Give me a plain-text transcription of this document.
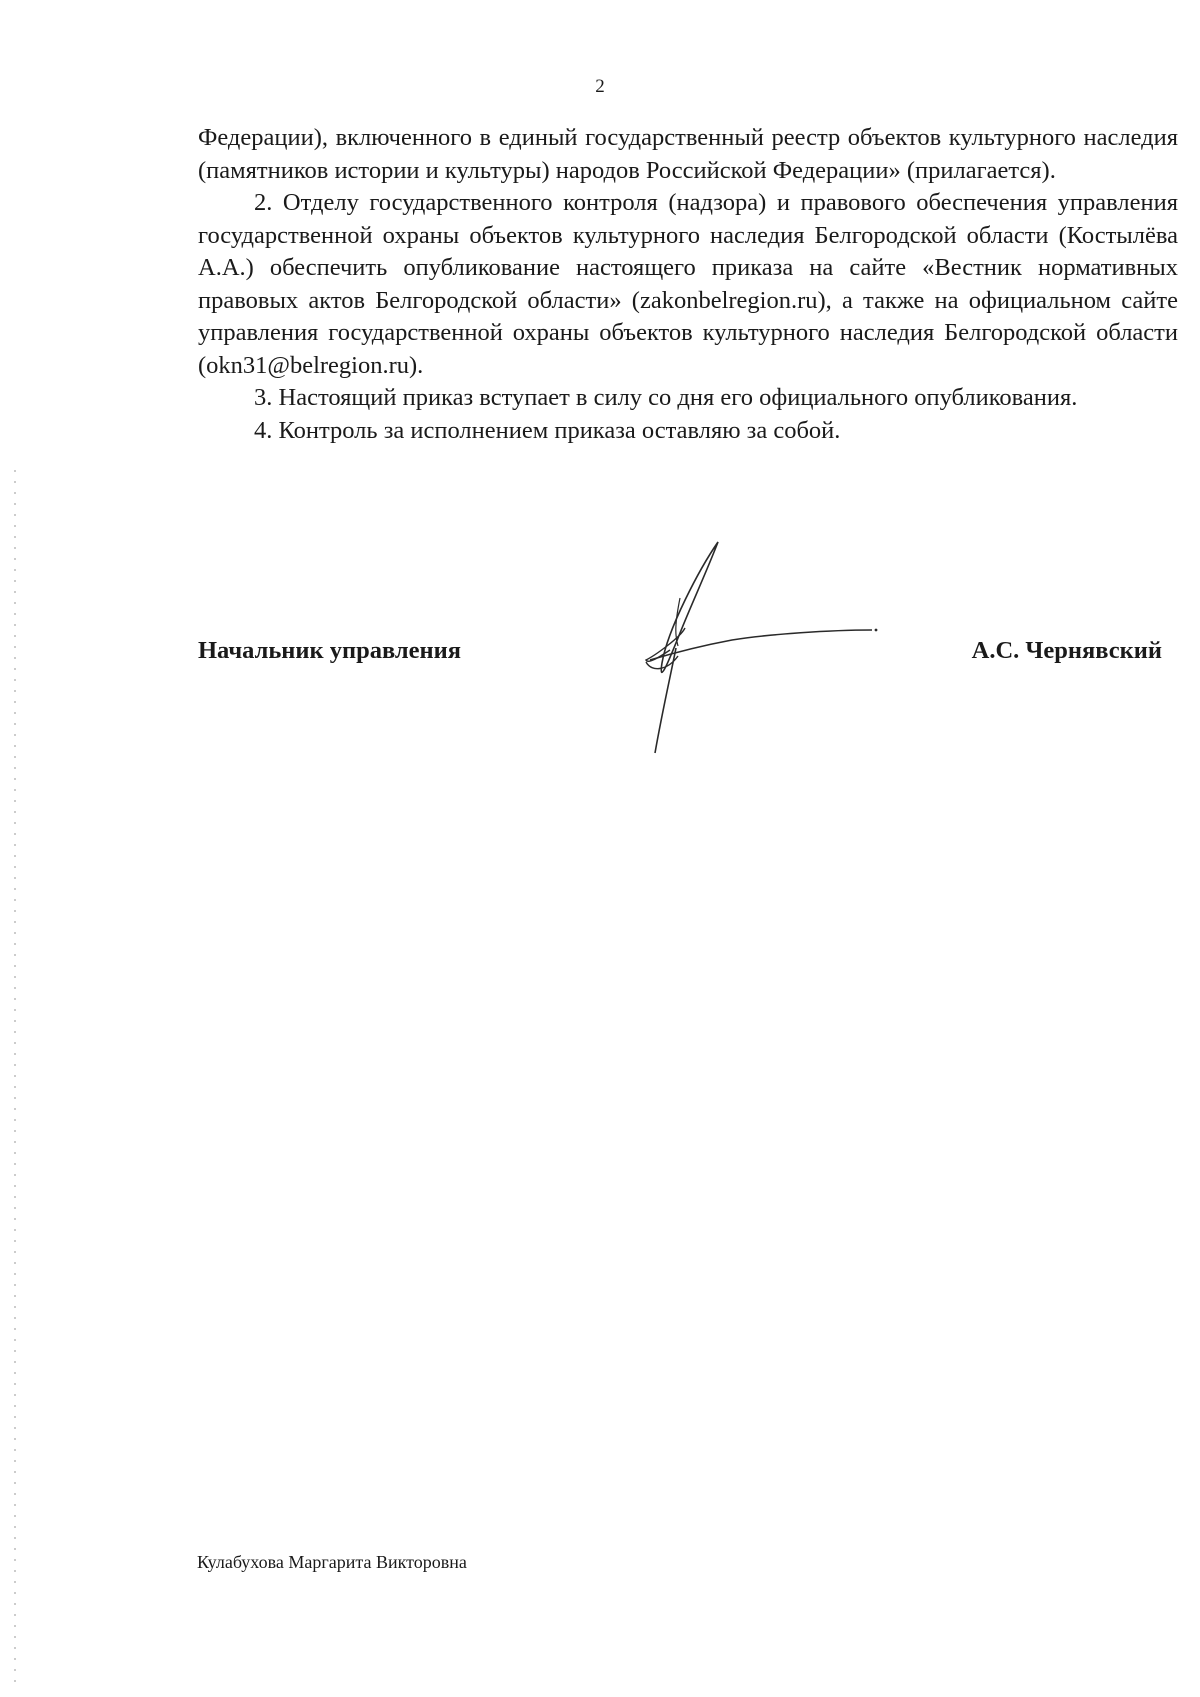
2

Федерации), включенного в единый государственный реестр объектов культурного наследия (памятников истории и культуры) народов Российской Федерации» (прилагается).

2. Отделу государственного контроля (надзора) и правового обеспечения управления государственной охраны объектов культурного наследия Белгородской области (Костылёва А.А.) обеспечить опубликование настоящего приказа на сайте «Вестник нормативных правовых актов Белгородской области» (zakonbelregion.ru), а также на официальном сайте управления государственной охраны объектов культурного наследия Белгородской области (okn31@belregion.ru).

3. Настоящий приказ вступает в силу со дня его официального опубликования.

4. Контроль за исполнением приказа оставляю за собой.

Начальник управления	А.С. Чернявский
Кулабухова Маргарита Викторовна
